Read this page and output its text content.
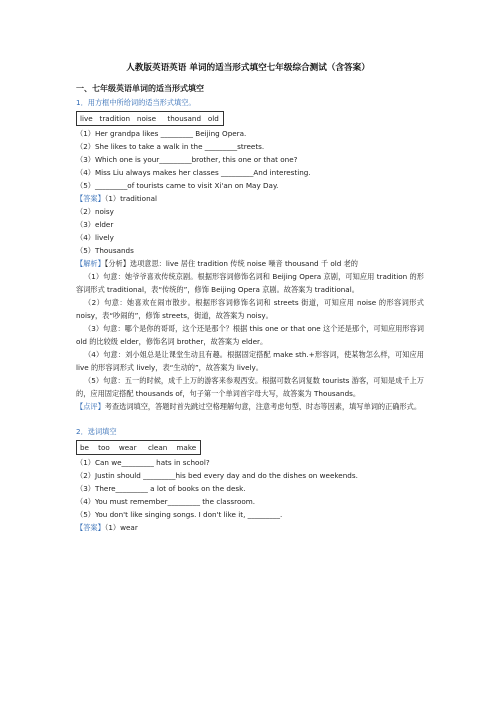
人教版英语英语 单词的适当形式填空七年级综合测试（含答案）

一、七年级英语单词的适当形式填空

1．用方框中所给词的适当形式填空。

live   tradition   noise     thousand   old

（1）Her grandpa likes _________ Beijing Opera.

（2）She likes to take a walk in the _________streets.

（3）Which one is your_________brother, this one or that one?

（4）Miss Liu always makes her classes _________And interesting.

（5）_________of tourists came to visit Xi'an on May Day.

【答案】（1）traditional

（2）noisy

（3）elder

（4）lively

（5）Thousands

【解析】【分析】选项意思：live 居住 tradition 传统 noise 噪音 thousand 千 old 老的

（1）句意：她爷爷喜欢传统京剧。根据形容词修饰名词和 Beijing Opera 京剧，可知应用 tradition 的形容词形式 traditional，表“传统的”，修饰 Beijing Opera 京剧。故答案为 traditional。

（2）句意：她喜欢在闹市散步。根据形容词修饰名词和 streets 街道，可知应用 noise 的形容词形式 noisy，表“吵闹的”，修饰 streets，街道，故答案为 noisy。

（3）句意：哪个是你的哥哥，这个还是那个？根据 this one or that one 这个还是那个，可知应用形容词 old 的比较级 elder，修饰名词 brother，故答案为 elder。

（4）句意：刘小姐总是让课堂生动且有趣。根据固定搭配 make sth.+形容词，使某物怎么样，可知应用 live 的形容词形式 lively，表“生动的”，故答案为 lively。

（5）句意：五一的时候，成千上万的游客来参观西安。根据可数名词复数 tourists 游客，可知是成千上万的，应用固定搭配 thousands of，句子第一个单词首字母大写，故答案为 Thousands。

【点评】考查选词填空，答题时首先跳过空格理解句意，注意考虑句型、时态等因素，填写单词的正确形式。

2．选词填空

be    too    wear     clean    make

（1）Can we_________ hats in school?

（2）Justin should _________his bed every day and do the dishes on weekends.

（3）There_________ a lot of books on the desk.

（4）You must remember_________ the classroom.

（5）You don't like singing songs. I don't like it, _________.

【答案】（1）wear
